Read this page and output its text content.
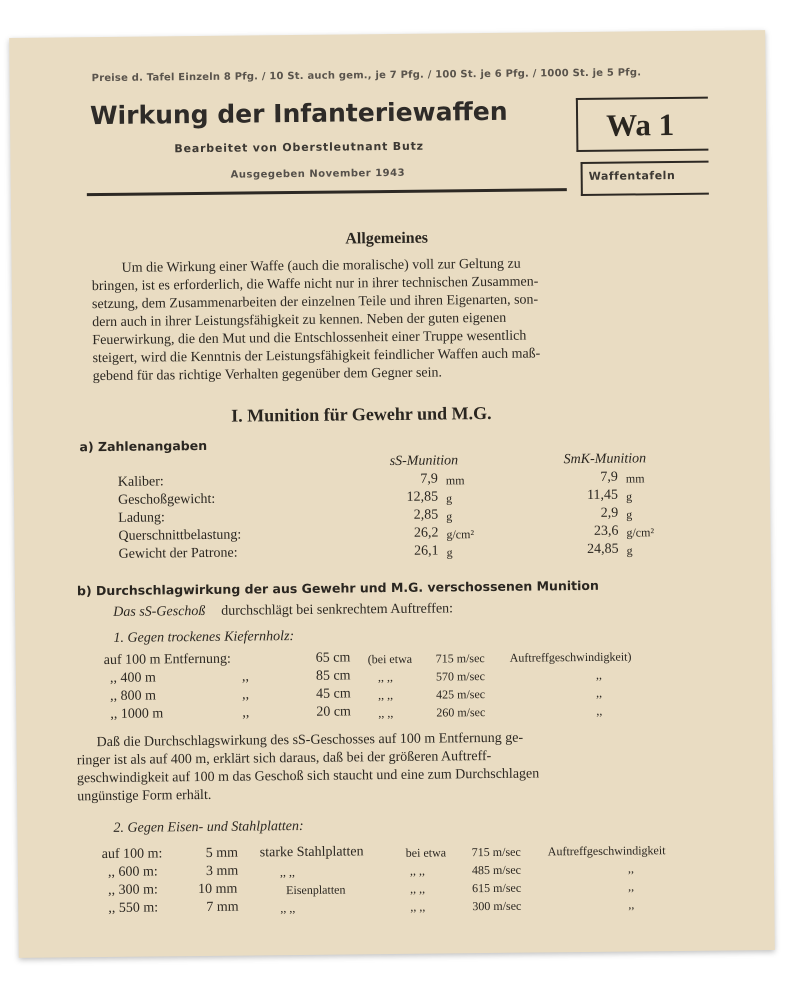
Preise d. Tafel Einzeln 8 Pfg. / 10 St. auch gem., je 7 Pfg. / 100 St. je 6 Pfg. / 1000 St. je 5 Pfg.
Wirkung der Infanteriewaffen
Bearbeitet von Oberstleutnant Butz
Ausgegeben November 1943
Wa 1
Waffentafeln
Allgemeines
Um die Wirkung einer Waffe (auch die moralische) voll zur Geltung zu
bringen, ist es erforderlich, die Waffe nicht nur in ihrer technischen Zusammen-
setzung, dem Zusammenarbeiten der einzelnen Teile und ihren Eigenarten, son-
dern auch in ihrer Leistungsfähigkeit zu kennen. Neben der guten eigenen
Feuerwirkung, die den Mut und die Entschlossenheit einer Truppe wesentlich
steigert, wird die Kenntnis der Leistungsfähigkeit feindlicher Waffen auch maß-
gebend für das richtige Verhalten gegenüber dem Gegner sein.
I. Munition für Gewehr und M.G.
a) Zahlenangaben
sS-Munition	SmK-Munition
Kaliber:	7,9 mm	7,9 mm
Geschoßgewicht:	12,85 g	11,45 g
Ladung:	2,85 g	2,9 g
Querschnittbelastung:	26,2 g/cm²	23,6 g/cm²
Gewicht der Patrone:	26,1 g	24,85 g
b) Durchschlagwirkung der aus Gewehr und M.G. verschossenen Munition
Das sS-Geschoß durchschlägt bei senkrechtem Auftreffen:
1. Gegen trockenes Kiefernholz:
auf 100 m Entfernung:	65 cm (bei etwa 715 m/sec Auftreffgeschwindigkeit)
,, 400 m	,,	85 cm ,, ,,	570 m/sec	,,
,, 800 m	,,	45 cm ,, ,,	425 m/sec	,,
,, 1000 m	,,	20 cm ,, ,,	260 m/sec	,,
Daß die Durchschlagswirkung des sS-Geschosses auf 100 m Entfernung ge-
ringer ist als auf 400 m, erklärt sich daraus, daß bei der größeren Auftreff-
geschwindigkeit auf 100 m das Geschoß sich staucht und eine zum Durchschlagen
ungünstige Form erhält.
2. Gegen Eisen- und Stahlplatten:
auf 100 m:	5 mm starke Stahlplatten	bei etwa 715 m/sec Auftreffgeschwindigkeit
,, 600 m:	3 mm	,, ,,	,, ,,	485 m/sec	,,
,, 300 m:	10 mm	Eisenplatten	,, ,,	615 m/sec	,,
,, 550 m:	7 mm	,, ,,	,, ,,	300 m/sec	,,
